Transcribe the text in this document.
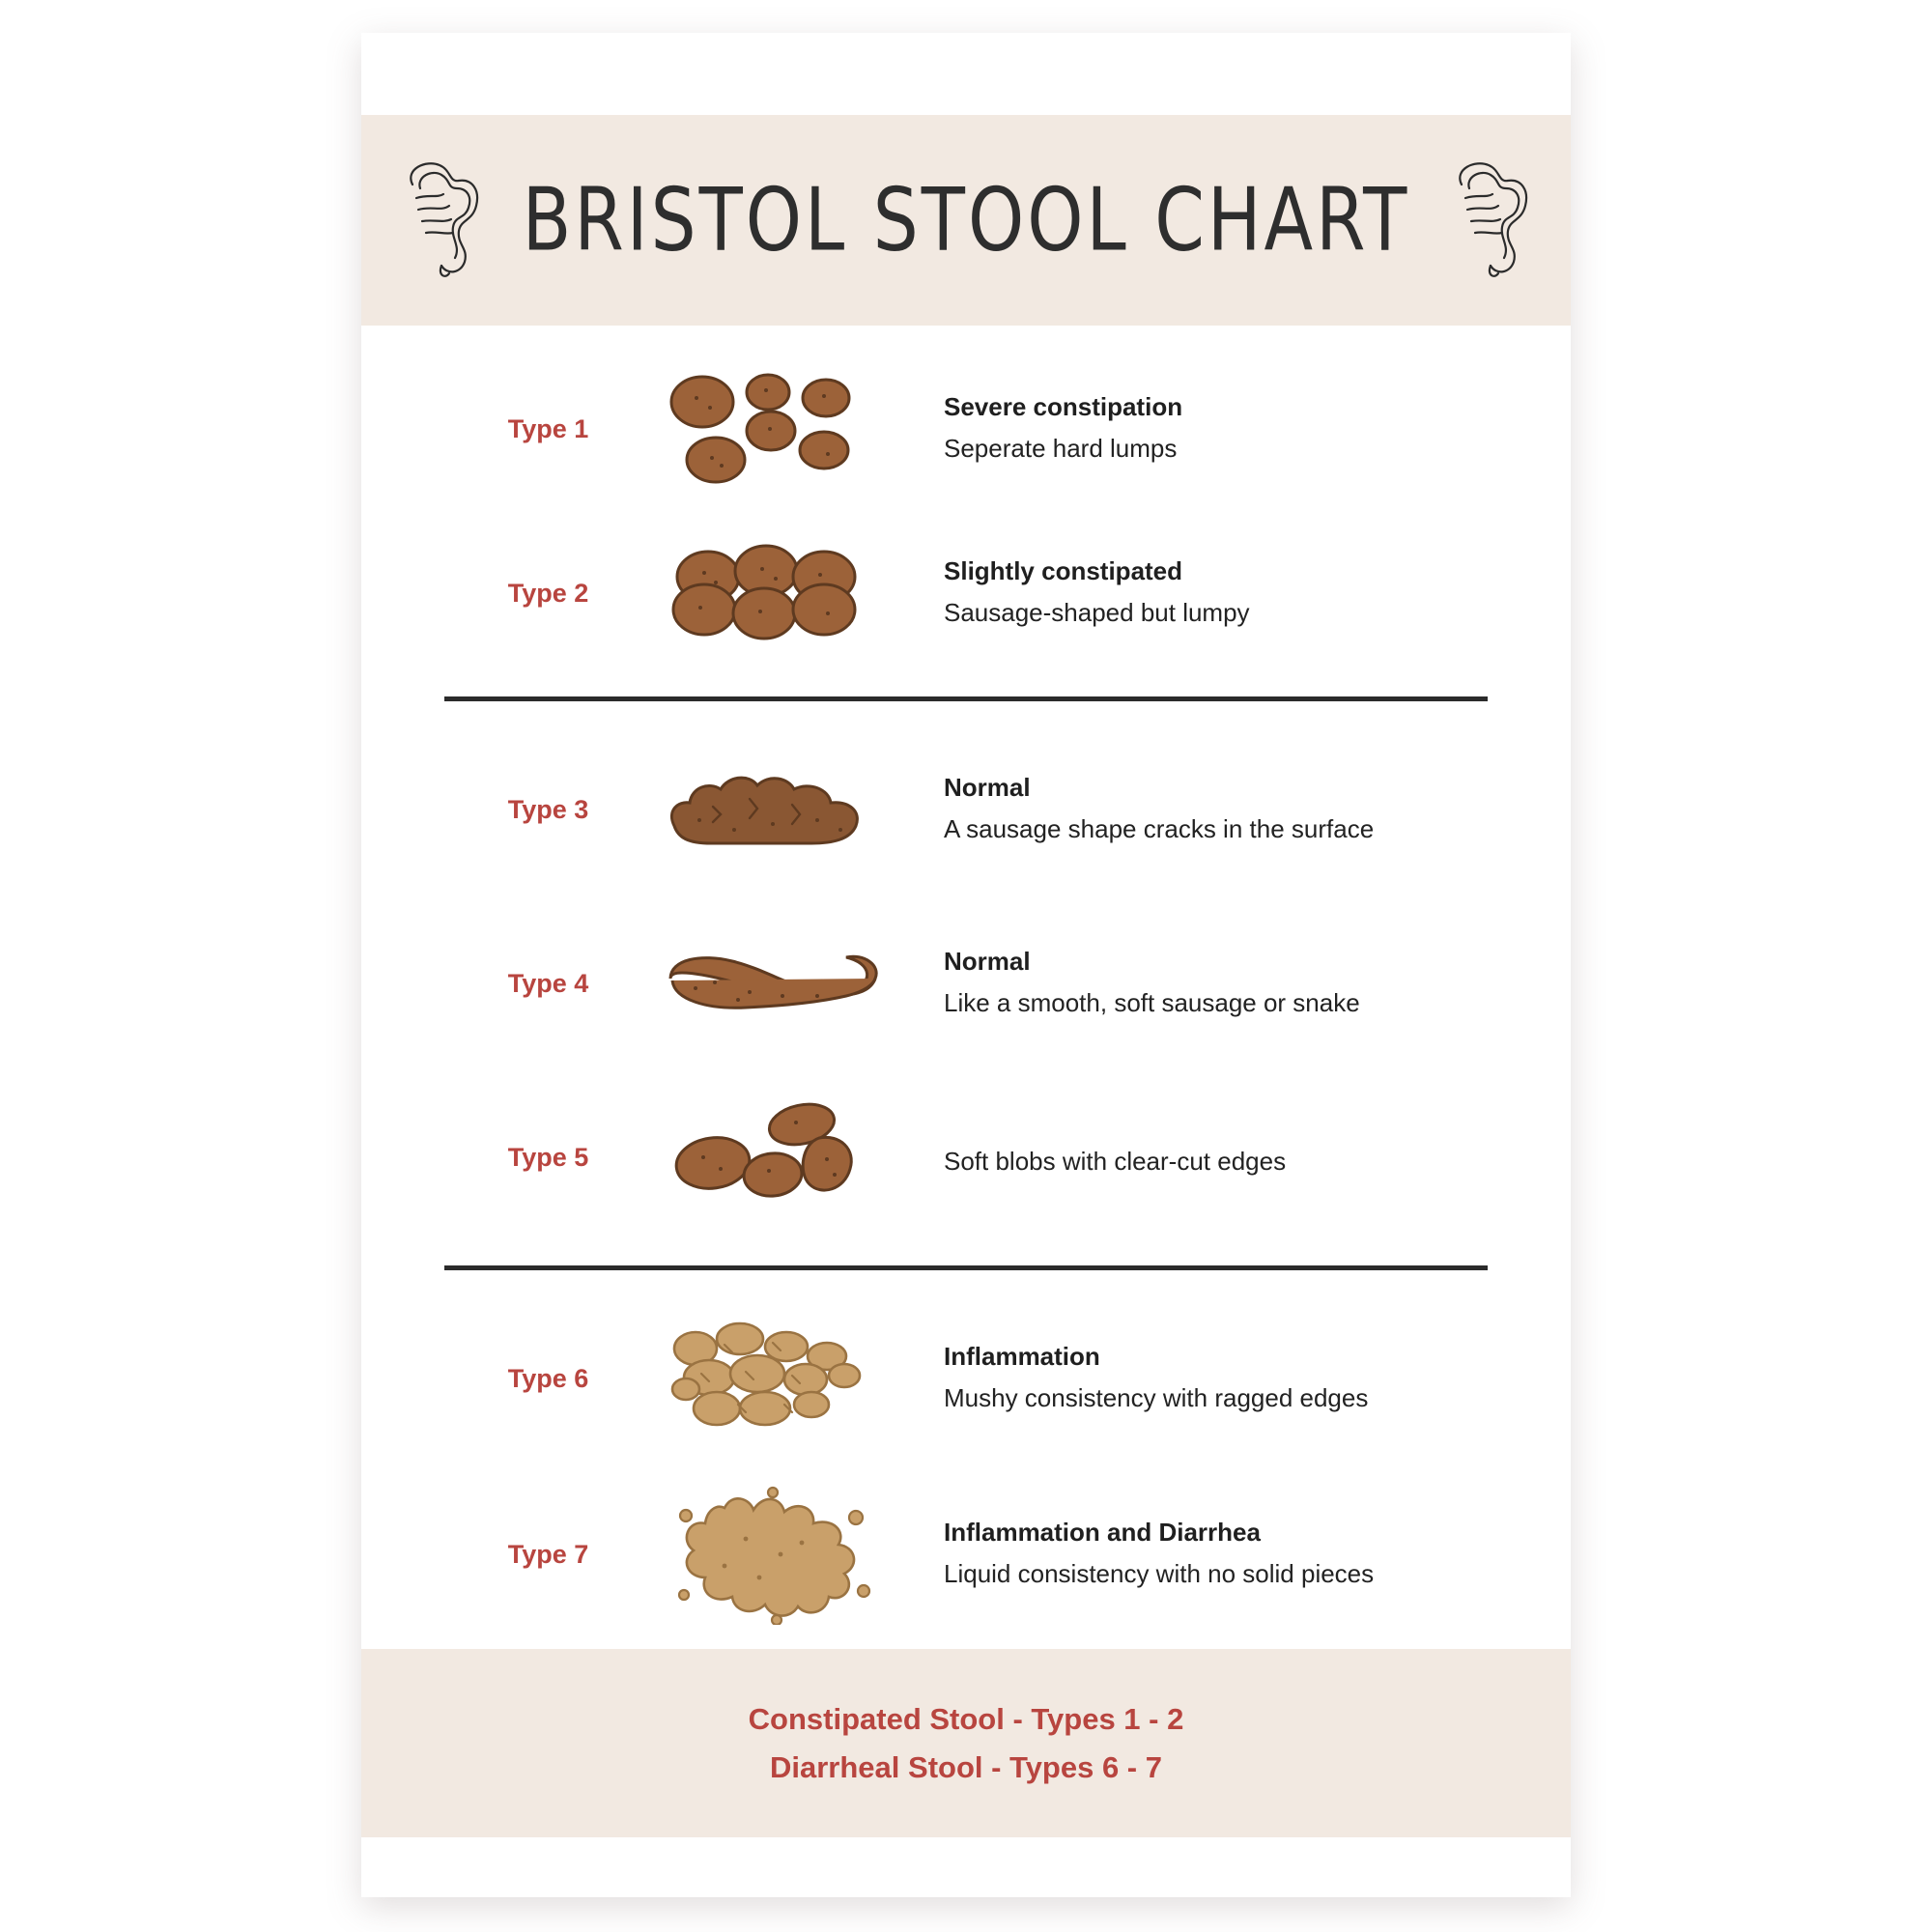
BRISTOL STOOL CHART
Type 1
Severe constipation
Seperate hard lumps
Type 2
Slightly constipated
Sausage-shaped but lumpy
Type 3
Normal
A sausage shape cracks in the surface
Type 4
Normal
Like a smooth, soft sausage or snake
Type 5	Soft blobs with clear-cut edges
Type 6
Inflammation
Mushy consistency with ragged edges
Type 7
Inflammation and Diarrhea
Liquid consistency with no solid pieces
Constipated Stool - Types 1 - 2
Diarrheal Stool - Types 6 - 7
